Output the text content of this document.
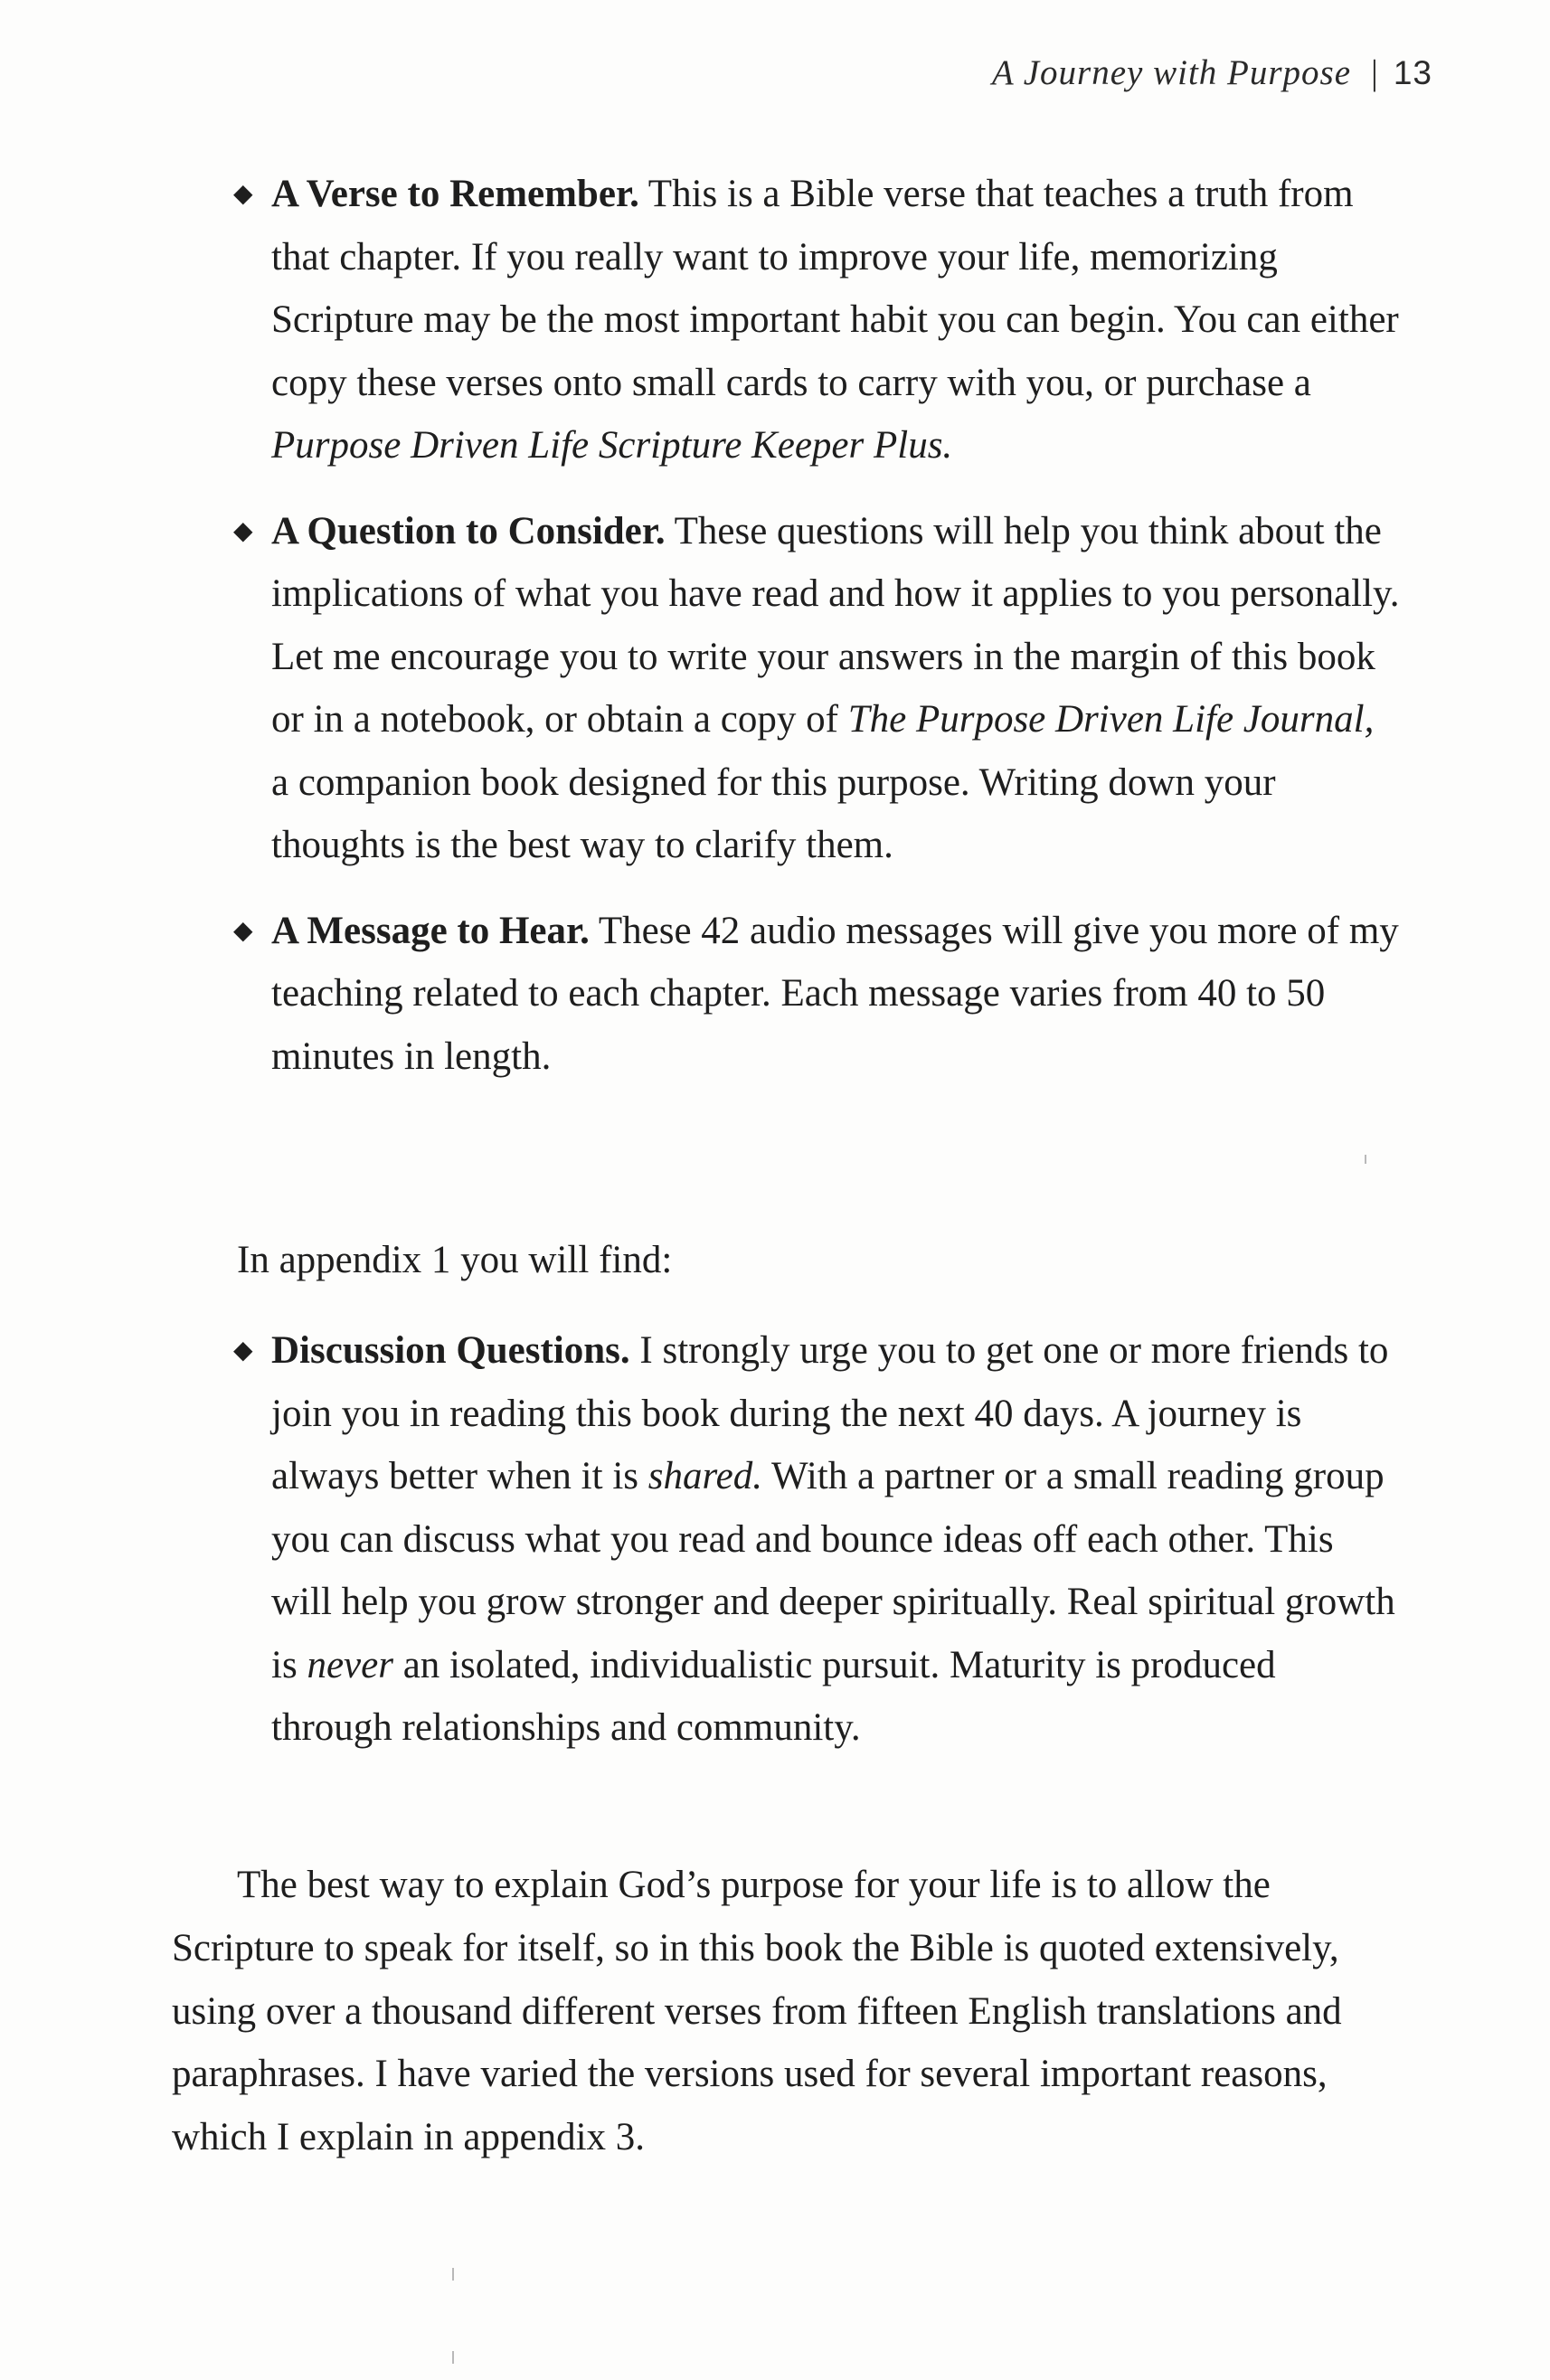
A Journey with Purpose | 13
◆ A Verse to Remember. This is a Bible verse that teaches a truth from that chapter. If you really want to improve your life, memorizing Scripture may be the most important habit you can begin. You can either copy these verses onto small cards to carry with you, or purchase a Purpose Driven Life Scripture Keeper Plus.
◆ A Question to Consider. These questions will help you think about the implications of what you have read and how it applies to you personally. Let me encourage you to write your answers in the margin of this book or in a notebook, or obtain a copy of The Purpose Driven Life Journal, a companion book designed for this purpose. Writing down your thoughts is the best way to clarify them.
◆ A Message to Hear. These 42 audio messages will give you more of my teaching related to each chapter. Each message varies from 40 to 50 minutes in length.

In appendix 1 you will find:

◆ Discussion Questions. I strongly urge you to get one or more friends to join you in reading this book during the next 40 days. A journey is always better when it is shared. With a partner or a small reading group you can discuss what you read and bounce ideas off each other. This will help you grow stronger and deeper spiritually. Real spiritual growth is never an isolated, individualistic pursuit. Maturity is produced through relationships and community.

The best way to explain God’s purpose for your life is to allow the Scripture to speak for itself, so in this book the Bible is quoted extensively, using over a thousand different verses from fifteen English translations and paraphrases. I have varied the versions used for several important reasons, which I explain in appendix 3.
